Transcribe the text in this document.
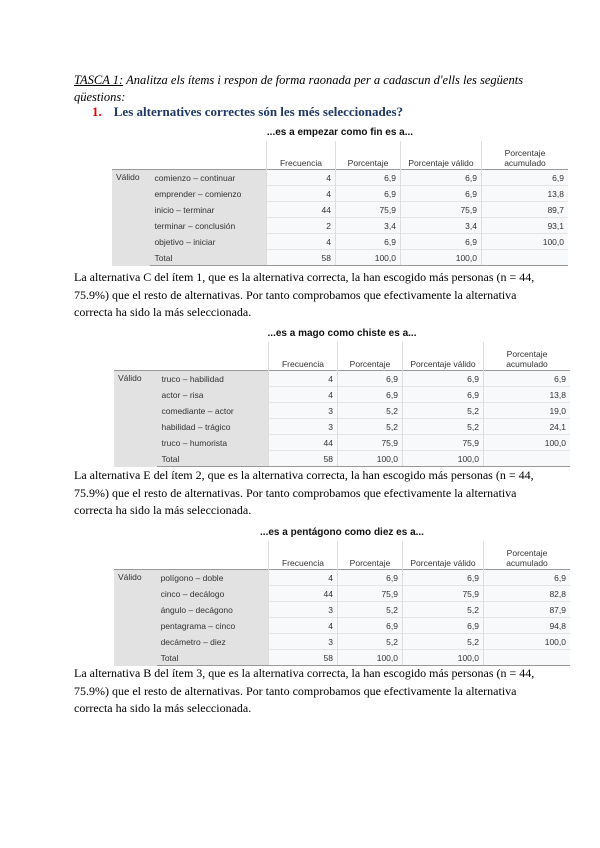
TASCA 1: Analitza els ítems i respon de forma raonada per a cadascun d'ells les següents qüestions:
1. Les alternatives correctes són les més seleccionades?
...es a empezar como fin es a...
		Frecuencia	Porcentaje	Porcentaje válido	Porcentaje acumulado
Válido	comienzo – continuar	4	6,9	6,9	6,9
	emprender – comienzo	4	6,9	6,9	13,8
	inicio – terminar	44	75,9	75,9	89,7
	terminar – conclusión	2	3,4	3,4	93,1
	objetivo – iniciar	4	6,9	6,9	100,0
	Total	58	100,0	100,0	
La alternativa C del ítem 1, que es la alternativa correcta, la han escogido más personas (n = 44, 75.9%) que el resto de alternativas. Por tanto comprobamos que efectivamente la alternativa correcta ha sido la más seleccionada.
...es a mago como chiste es a...
		Frecuencia	Porcentaje	Porcentaje válido	Porcentaje acumulado
Válido	truco – habilidad	4	6,9	6,9	6,9
	actor – risa	4	6,9	6,9	13,8
	comediante – actor	3	5,2	5,2	19,0
	habilidad – trágico	3	5,2	5,2	24,1
	truco – humorista	44	75,9	75,9	100,0
	Total	58	100,0	100,0	
La alternativa E del ítem 2, que es la alternativa correcta, la han escogido más personas (n = 44, 75.9%) que el resto de alternativas. Por tanto comprobamos que efectivamente la alternativa correcta ha sido la más seleccionada.
...es a pentágono como diez es a...
		Frecuencia	Porcentaje	Porcentaje válido	Porcentaje acumulado
Válido	polígono – doble	4	6,9	6,9	6,9
	cinco – decálogo	44	75,9	75,9	82,8
	ángulo – decágono	3	5,2	5,2	87,9
	pentagrama – cinco	4	6,9	6,9	94,8
	decámetro – diez	3	5,2	5,2	100,0
	Total	58	100,0	100,0	
La alternativa B del ítem 3, que es la alternativa correcta, la han escogido más personas (n = 44, 75.9%) que el resto de alternativas. Por tanto comprobamos que efectivamente la alternativa correcta ha sido la más seleccionada.
